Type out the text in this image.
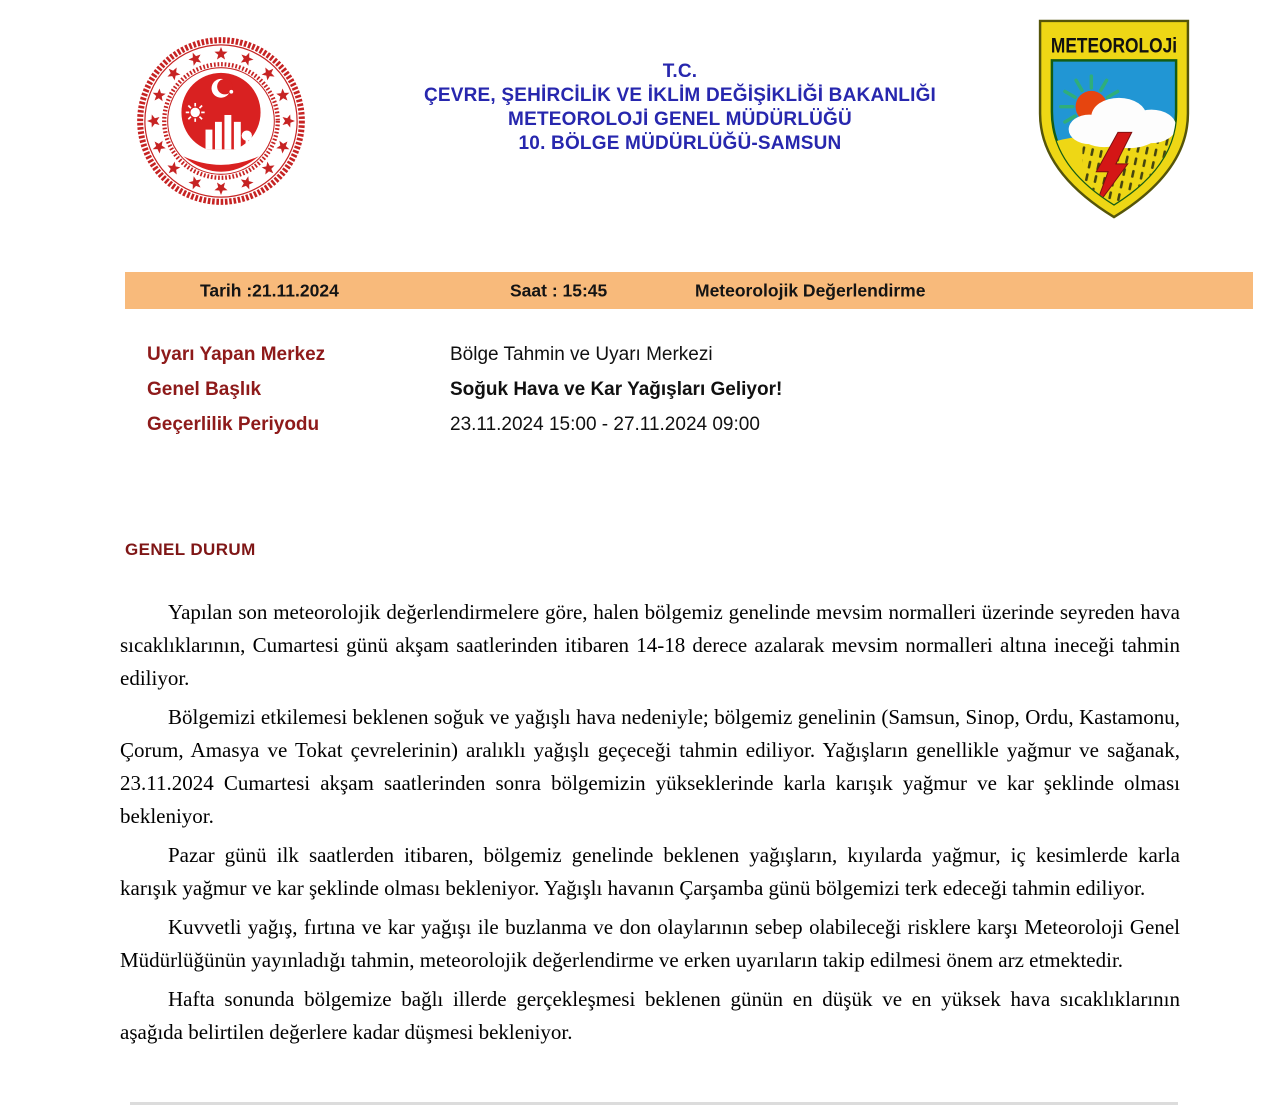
T.C.
ÇEVRE, ŞEHİRCİLİK VE İKLİM DEĞİŞİKLİĞİ BAKANLIĞI
METEOROLOJİ GENEL MÜDÜRLÜĞÜ
10. BÖLGE MÜDÜRLÜĞÜ-SAMSUN
METEOROLOJi
Tarih :21.11.2024	Saat : 15:45	Meteorolojik Değerlendirme
Uyarı Yapan Merkez	Bölge Tahmin ve Uyarı Merkezi
Genel Başlık	Soğuk Hava ve Kar Yağışları Geliyor!
Geçerlilik Periyodu	23.11.2024 15:00 - 27.11.2024 09:00
GENEL DURUM

Yapılan son meteorolojik değerlendirmelere göre, halen bölgemiz genelinde mevsim normalleri üzerinde seyreden hava sıcaklıklarının, Cumartesi günü akşam saatlerinden itibaren 14-18 derece azalarak mevsim normalleri altına ineceği tahmin ediliyor.

Bölgemizi etkilemesi beklenen soğuk ve yağışlı hava nedeniyle; bölgemiz genelinin (Samsun, Sinop, Ordu, Kastamonu, Çorum, Amasya ve Tokat çevrelerinin) aralıklı yağışlı geçeceği tahmin ediliyor. Yağışların genellikle yağmur ve sağanak, 23.11.2024 Cumartesi akşam saatlerinden sonra bölgemizin yükseklerinde karla karışık yağmur ve kar şeklinde olması bekleniyor.

Pazar günü ilk saatlerden itibaren, bölgemiz genelinde beklenen yağışların, kıyılarda yağmur, iç kesimlerde karla karışık yağmur ve kar şeklinde olması bekleniyor. Yağışlı havanın Çarşamba günü bölgemizi terk edeceği tahmin ediliyor.

Kuvvetli yağış, fırtına ve kar yağışı ile buzlanma ve don olaylarının sebep olabileceği risklere karşı Meteoroloji Genel Müdürlüğünün yayınladığı tahmin, meteorolojik değerlendirme ve erken uyarıların takip edilmesi önem arz etmektedir.

Hafta sonunda bölgemize bağlı illerde gerçekleşmesi beklenen günün en düşük ve en yüksek hava sıcaklıklarının aşağıda belirtilen değerlere kadar düşmesi bekleniyor.
